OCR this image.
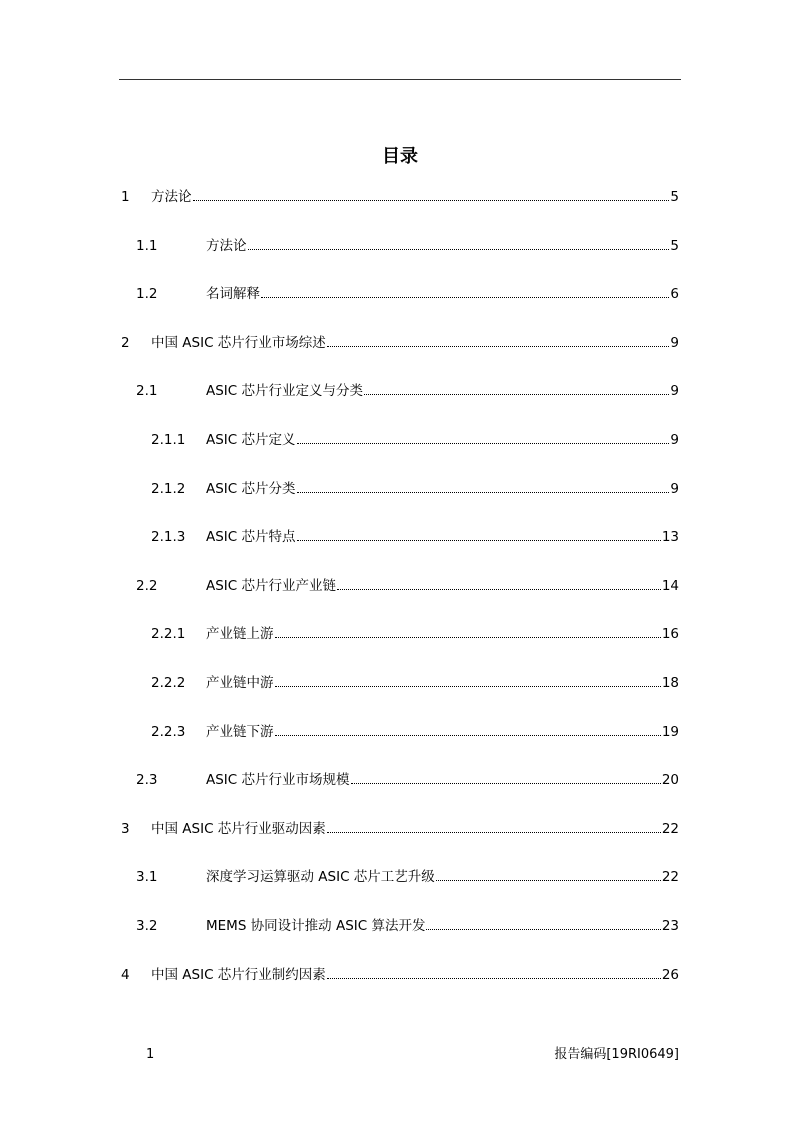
目录
1	方法论	5
1.1	方法论	5
1.2	名词解释	6
2	中国 ASIC 芯片行业市场综述	9
2.1	ASIC 芯片行业定义与分类	9
2.1.1	ASIC 芯片定义	9
2.1.2	ASIC 芯片分类	9
2.1.3	ASIC 芯片特点	13
2.2	ASIC 芯片行业产业链	14
2.2.1	产业链上游	16
2.2.2	产业链中游	18
2.2.3	产业链下游	19
2.3	ASIC 芯片行业市场规模	20
3	中国 ASIC 芯片行业驱动因素	22
3.1	深度学习运算驱动 ASIC 芯片工艺升级	22
3.2	MEMS 协同设计推动 ASIC 算法开发	23
4	中国 ASIC 芯片行业制约因素	26
1	报告编码[19RI0649]
